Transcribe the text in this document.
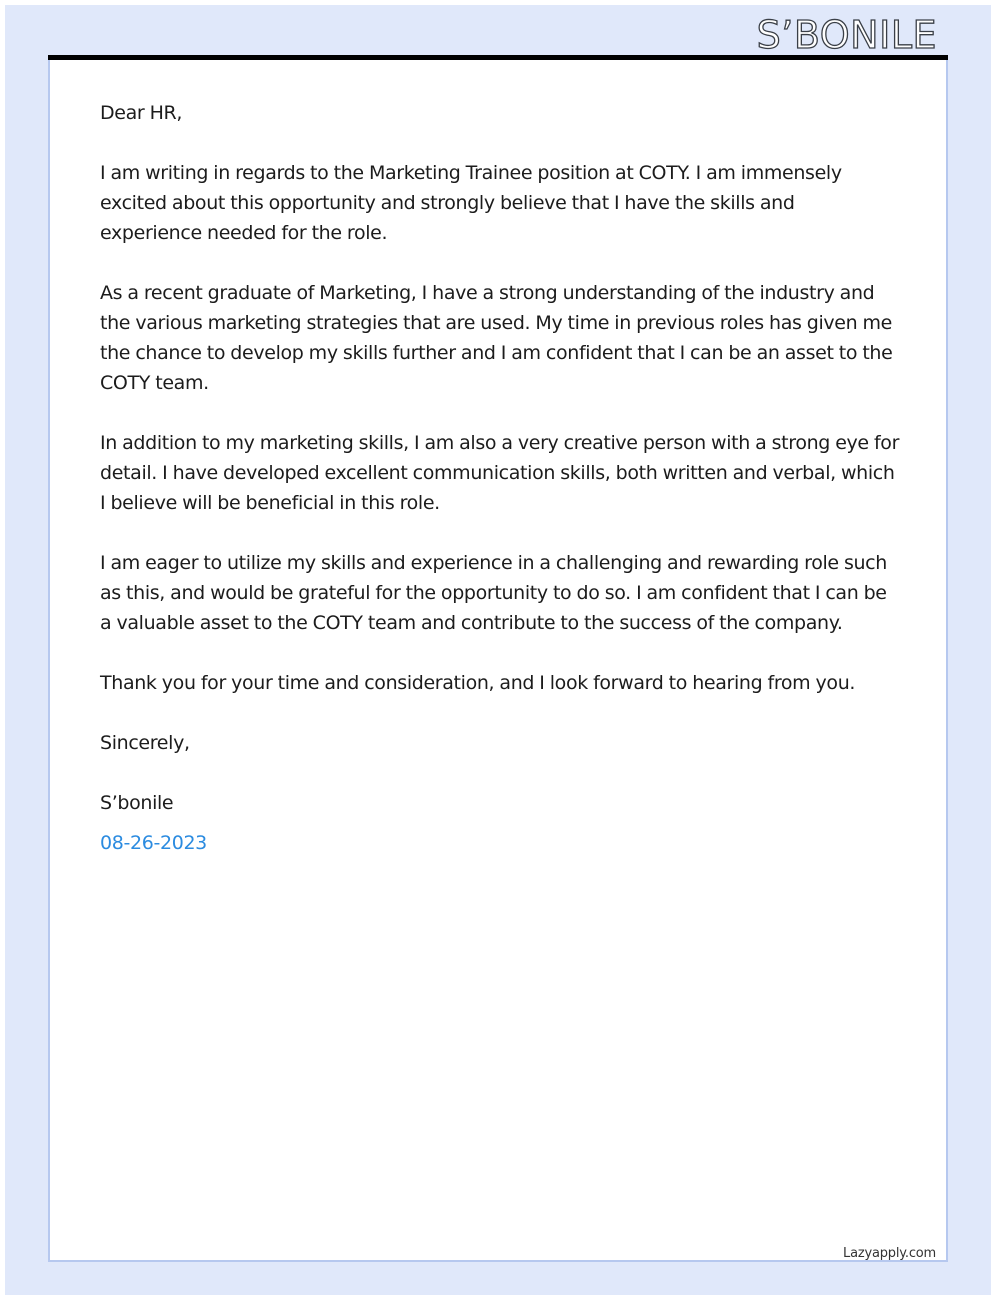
S’BONILE

Dear HR,

I am writing in regards to the Marketing Trainee position at COTY. I am immensely excited about this opportunity and strongly believe that I have the skills and experience needed for the role.

As a recent graduate of Marketing, I have a strong understanding of the industry and the various marketing strategies that are used. My time in previous roles has given me the chance to develop my skills further and I am confident that I can be an asset to the COTY team.

In addition to my marketing skills, I am also a very creative person with a strong eye for detail. I have developed excellent communication skills, both written and verbal, which I believe will be beneficial in this role.

I am eager to utilize my skills and experience in a challenging and rewarding role such as this, and would be grateful for the opportunity to do so. I am confident that I can be a valuable asset to the COTY team and contribute to the success of the company.

Thank you for your time and consideration, and I look forward to hearing from you.

Sincerely,

S’bonile

08-26-2023

Lazyapply.com
